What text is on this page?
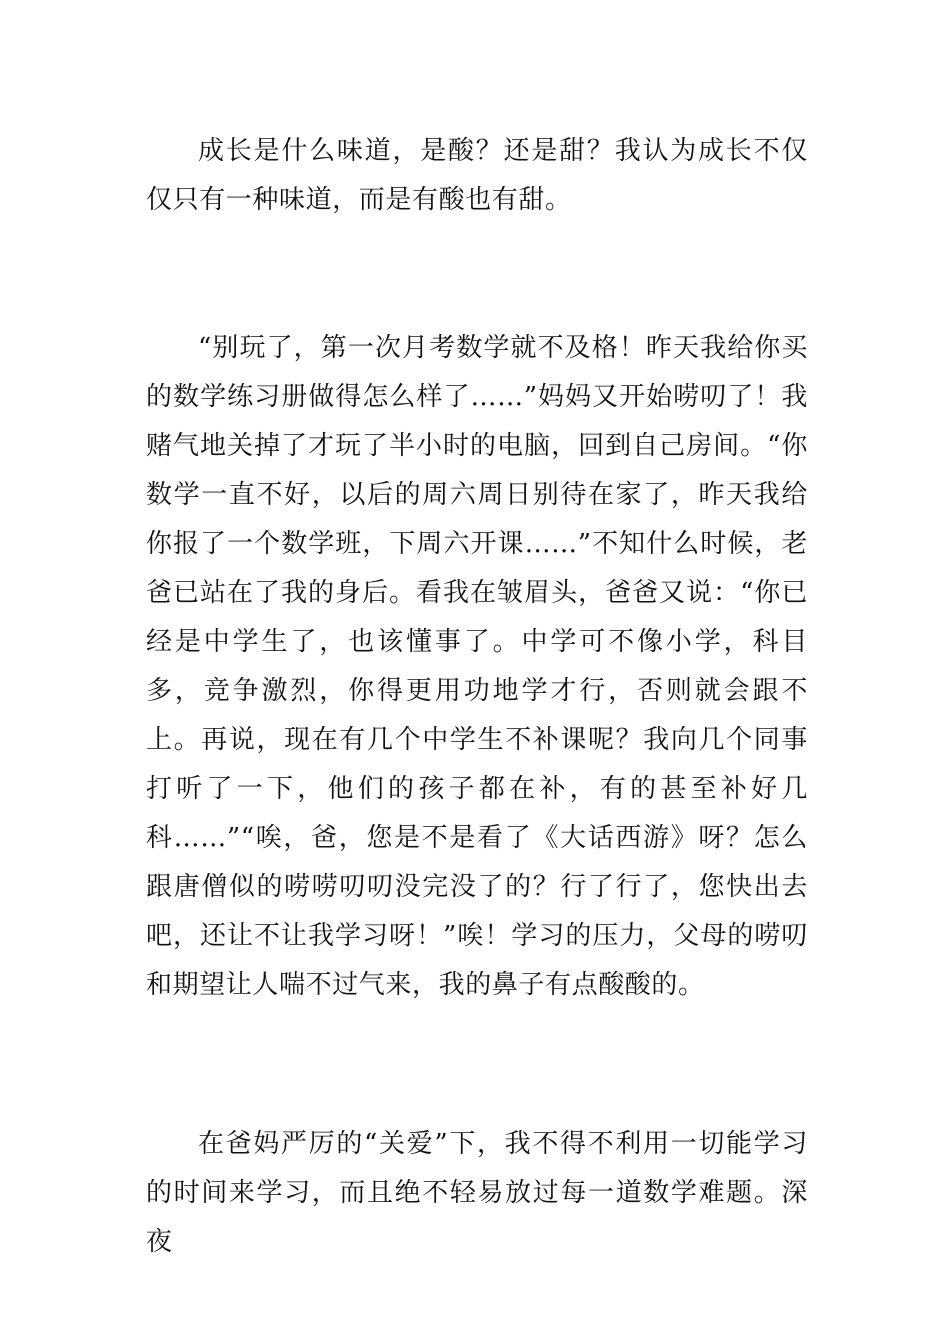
成长是什么味道，是酸？还是甜？我认为成长不仅仅只有一种味道，而是有酸也有甜。

“别玩了，第一次月考数学就不及格！昨天我给你买的数学练习册做得怎么样了……”妈妈又开始唠叨了！我赌气地关掉了才玩了半小时的电脑，回到自己房间。“你数学一直不好，以后的周六周日别待在家了，昨天我给你报了一个数学班，下周六开课……”不知什么时候，老爸已站在了我的身后。看我在皱眉头，爸爸又说：“你已经是中学生了，也该懂事了。中学可不像小学，科目多，竞争激烈，你得更用功地学才行，否则就会跟不上。再说，现在有几个中学生不补课呢？我向几个同事打听了一下，他们的孩子都在补，有的甚至补好几科……”“唉，爸，您是不是看了《大话西游》呀？怎么跟唐僧似的唠唠叨叨没完没了的？行了行了，您快出去吧，还让不让我学习呀！”唉！学习的压力，父母的唠叨和期望让人喘不过气来，我的鼻子有点酸酸的。

在爸妈严厉的“关爱”下，我不得不利用一切能学习的时间来学习，而且绝不轻易放过每一道数学难题。深夜
